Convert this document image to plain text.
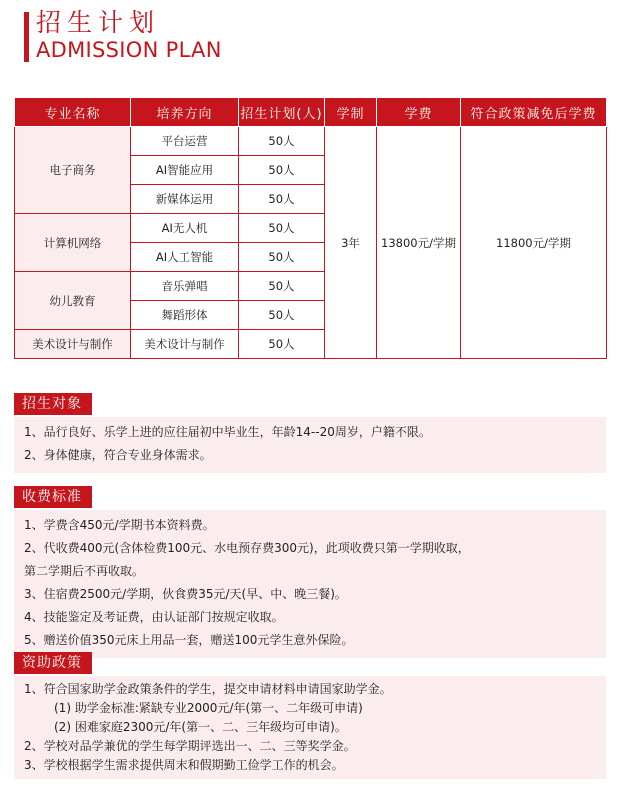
招生计划
ADMISSION PLAN
专业名称	培养方向	招生计划(人)	学制	学费	符合政策减免后学费
电子商务	平台运营	50人	3年	13800元/学期	11800元/学期
	AI智能应用	50人			
	新媒体运用	50人			
计算机网络	AI无人机	50人			
	AI人工智能	50人			
幼儿教育	音乐弹唱	50人			
	舞蹈形体	50人			
美术设计与制作	美术设计与制作	50人			
招生对象
1、品行良好、乐学上进的应往届初中毕业生，年龄14--20周岁，户籍不限。
2、身体健康，符合专业身体需求。
收费标准
1、学费含450元/学期书本资料费。
2、代收费400元(含体检费100元、水电预存费300元)，此项收费只第一学期收取，
第二学期后不再收取。
3、住宿费2500元/学期，伙食费35元/天(早、中、晚三餐)。
4、技能鉴定及考证费，由认证部门按规定收取。
5、赠送价值350元床上用品一套，赠送100元学生意外保险。
资助政策
1、符合国家助学金政策条件的学生，提交申请材料申请国家助学金。
(1) 助学金标准:紧缺专业2000元/年(第一、二年级可申请)
(2) 困难家庭2300元/年(第一、二、三年级均可申请)。
2、学校对品学兼优的学生每学期评选出一、二、三等奖学金。
3、学校根据学生需求提供周末和假期勤工俭学工作的机会。
